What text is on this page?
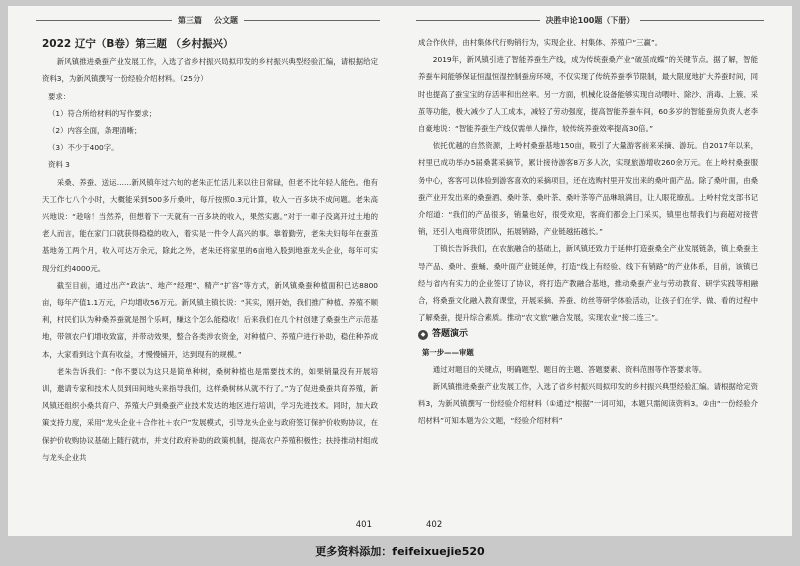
第三篇	公文题

2022 辽宁（B卷）第三题 （乡村振兴）

新风镇推进桑蚕产业发展工作，入选了省乡村振兴局拟印发的乡村振兴典型经验汇编，请根据给定资料3，为新风镇撰写一份经验介绍材料。（25分）

要求：

（1）符合所给材料的写作要求；

（2）内容全面，条理清晰；

（3）不少于400字。

资料 3

采桑、养蚕、送运……新风镇年过六旬的老朱正忙活儿来以往日常碌，但老不比年轻人能色。他有天工作七八个小时，大概能采到500多斤桑叶，每斤按照0.3元计算，收入一百多块不成问题。老朱高兴地说：“趁啥！当然养，但想着下一天就有一百多块的收入，果然实惠。”对于一辈子没离开过土地的老人而言，能在家门口就获得稳稳的收入，着实是一件令人高兴的事。靠着勤劳，老朱夫妇每年在蚕茧基地务工两个月，收入可达万余元，除此之外，老朱还将家里的6亩地入股到地蚕龙头企业，每年可实现分红约4000元。

截至目前，通过出产“政法”、地产“经理”、精产“扩容”等方式，新风镇桑蚕种植面积已达8800亩，每年产值1.1万元，户均增收56万元。新风镇主镇长说：“其实，刚开始，我们推广种植、养殖不顺利，村民们认为种桑养蚕就是图个乐呵，赚这个怎么能稳收！后来我们在几个村创建了桑蚕生产示范基地，带领农户们增收致富，并带动效果，整合各类涉农资金，对种植户、养殖户进行补助，稳住种养成本，大家看到这个真有收益，才慢慢铺开，达到现有的规模。”

老朱告诉我们：“你不要以为这只是简单种树，桑树种植也是需要技术的，如果销量没有开展培训，邀请专家和技术人员到田间地头来指导我们，这样桑树林从就不行了。”为了促进桑蚕共育养殖，新风镇还组织小桑共育户、养殖大户到桑蚕产业技术发达的地区进行培训，学习先进技术。同时，加大政策支持力度，采用“龙头企业＋合作社＋农户”发展模式，引导龙头企业与政府签订保护价收购协议，在保护价收购协议基础上随行就市，并支付政府补助的政策机制，提高农户养殖积极性；扶持推动村组成与龙头企业共

401
决胜申论100题（下册）

成合作伙伴，由村集体代行购销行为，实现企业、村集体、养殖户“三赢”。

2019年，新风镇引进了智能养蚕生产线，成为传统蚕桑产业“破茧成蝶”的关键节点。据了解，智能养蚕车间能够保证恒温恒湿控制蚕房环境，不仅实现了传统养蚕季节限制，最大限度地扩大养蚕时间，同时也提高了蚕宝宝的存活率和出丝率。另一方面，机械化设备能够实现自动喂叶、除沙、消毒、上簇、采茧等功能，极大减少了人工成本，减轻了劳动强度，提高智能养蚕车间，60多岁的智能蚕房负责人老李自豪地说：“智能养蚕生产线仅需单人操作，较传统养蚕效率提高30倍。”

依托优越的自然资源，上岭村桑蚕基地150亩，吸引了大量游客前来采摘、游玩。自2017年以来，村里已成功举办5届桑葚采摘节，累计接待游客8万多人次，实现旅游增收260余万元。在上岭村桑蚕服务中心，客客可以体验到游客喜欢的采摘项目，还在选购村里开发出来的桑叶面产品。除了桑叶面，由桑蚕产业开发出来的桑蚕酒、桑叶茶、桑叶茶、桑叶茶等产品琳琅满目，让人眼花缭乱。上岭村党支部书记介绍道：“我们的产品很多，销量也好，很受欢迎，客商们都会上门采买，镇里也帮我们与商超对接营销，还引入电商带货团队，拓展销路，产业链越拓越长。”

丁镇长告诉我们，在农旅融合的基础上，新风镇还致力于延伸打造蚕桑全产业发展链条，镇上桑蚕主导产品、桑叶、蚕蛹、桑叶面产业链延伸，打造“线上有经验、线下有销路”的产业体系，目前，该镇已经与省内有实力的企业签订了协议，将打造产教融合基地，推动桑蚕产业与劳动教育、研学实践等相融合，将桑蚕文化融入教育课堂，开展采摘、养蚕、纺丝等研学体验活动，让孩子们在学、做、看的过程中了解桑蚕，提升综合素质。推动“农文旅”融合发展，实现农业“接二连三”。

◆ 答题演示

第一步——审题

通过对题目的关键点，明确题型、题目的主题、答题要素、资料范围等作答要求等。

新风镇推进桑蚕产业发展工作，入选了省乡村振兴局拟印发的乡村振兴典型经验汇编。请根据给定资料3，为新风镇撰写一份经验介绍材料（①通过“根据”一词可知，本题只需阅读资料3。②由“一份经验介绍材料”可知本题为公文题，“经验介绍材料”

402
更多资料添加：feifeixuejie520
